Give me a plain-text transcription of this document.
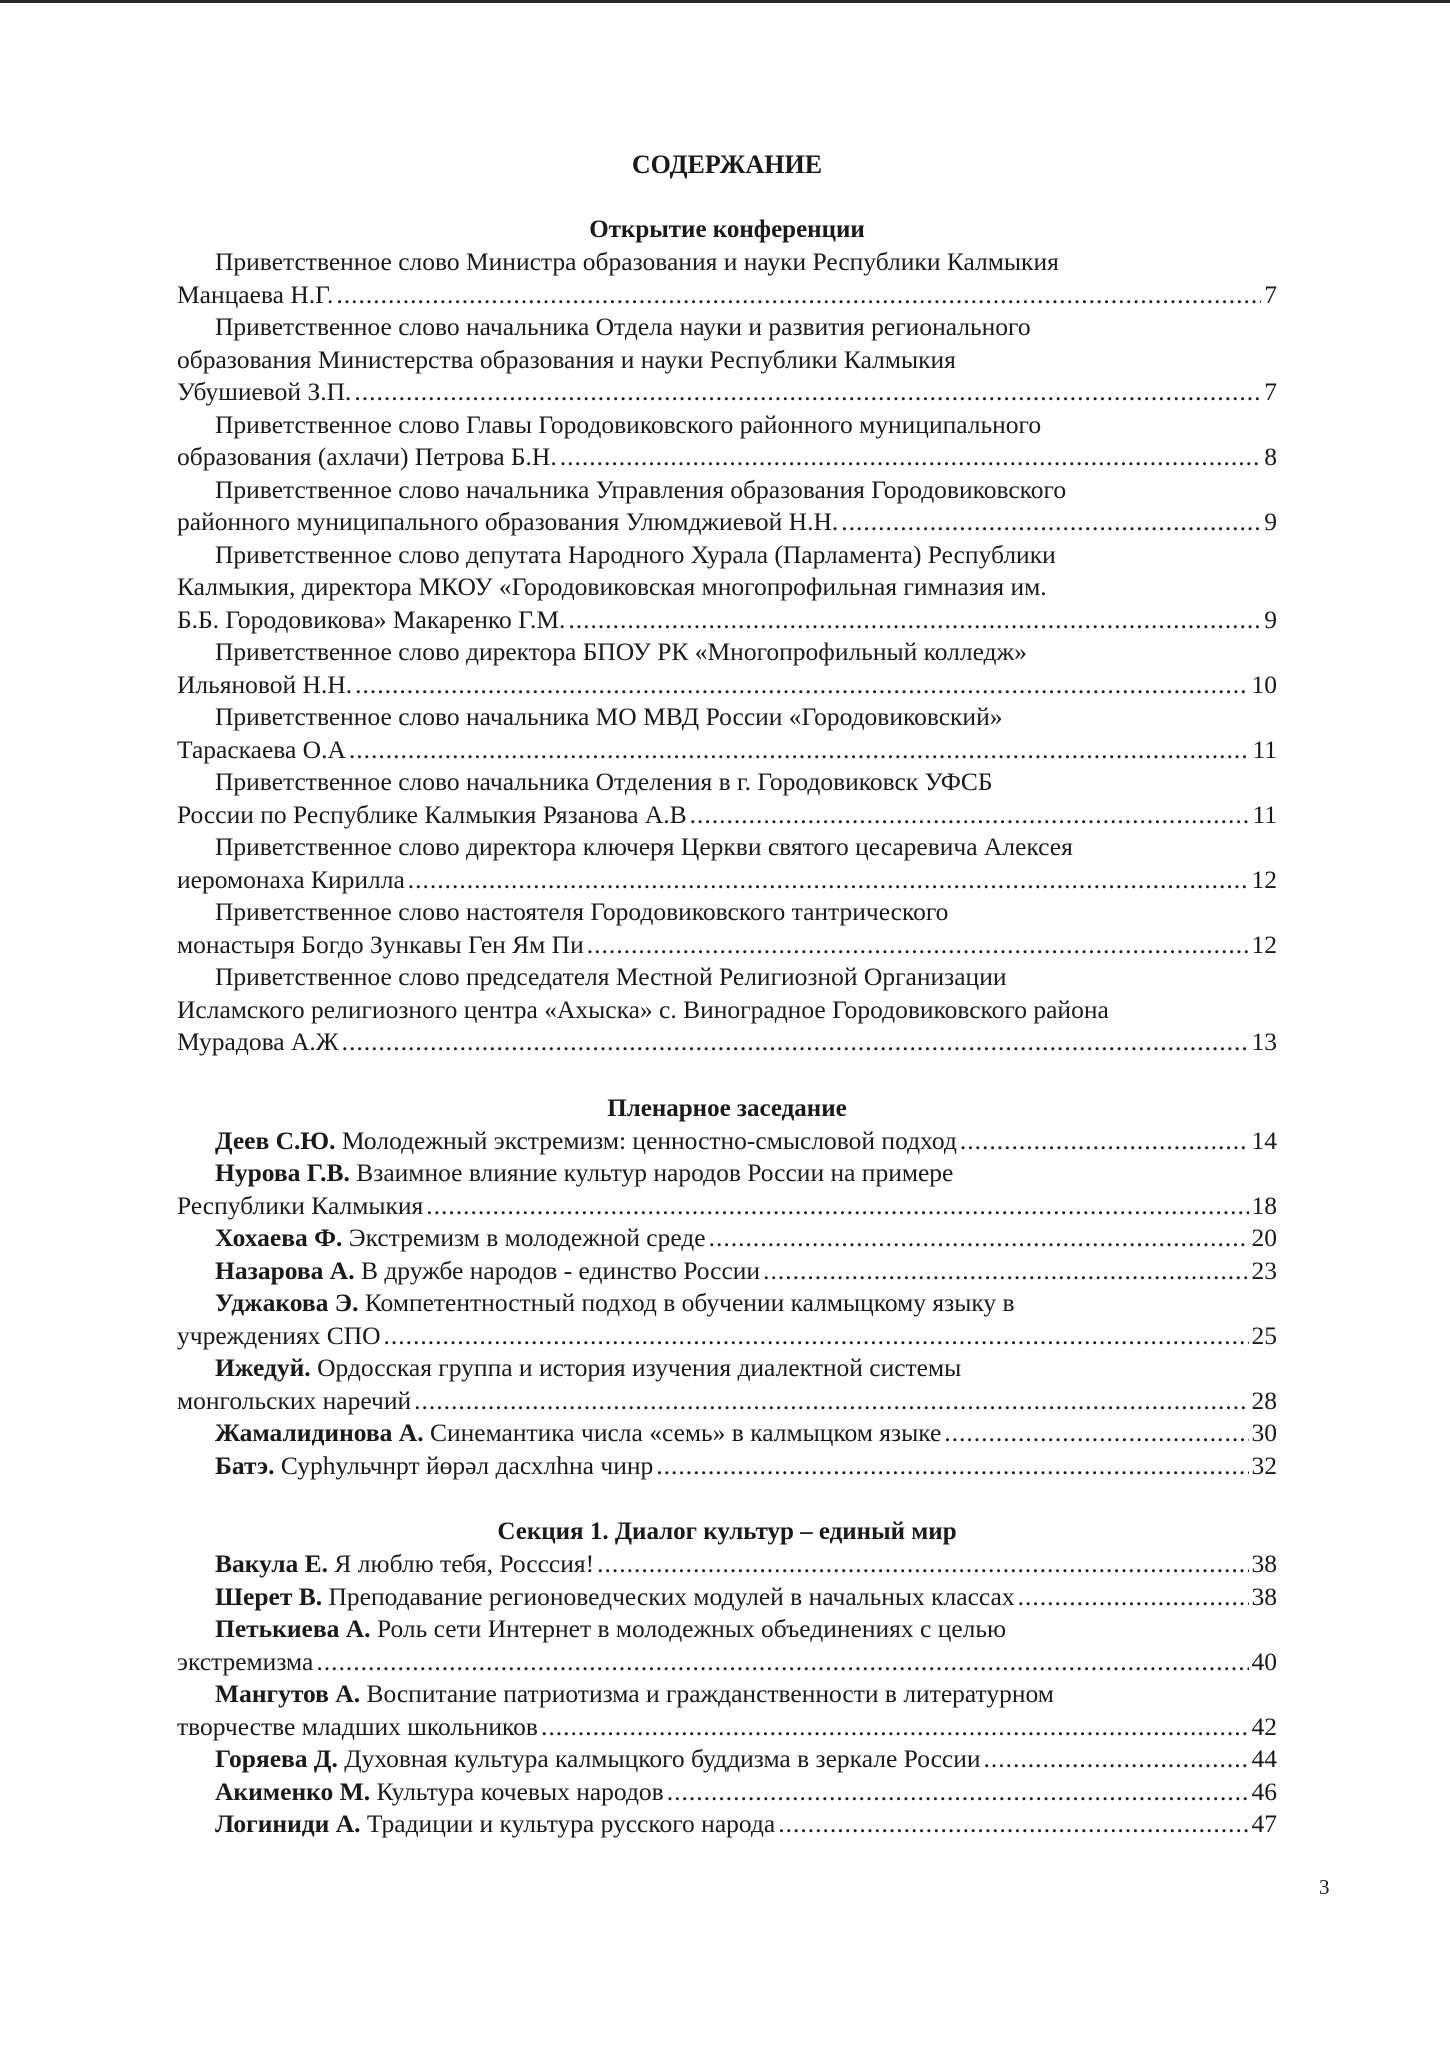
СОДЕРЖАНИЕ
Открытие конференции
Приветственное слово Министра образования и науки Республики Калмыкия
Манцаева Н.Г. .....	7
Приветственное слово начальника Отдела науки и развития регионального
образования Министерства образования и науки Республики Калмыкия
Убушиевой З.П. .....	7
Приветственное слово Главы Городовиковского районного муниципального
образования (ахлачи) Петрова Б.Н. .....	8
Приветственное слово начальника Управления образования Городовиковского
районного муниципального образования Улюмджиевой Н.Н. .....	9
Приветственное слово депутата Народного Хурала (Парламента) Республики
Калмыкия, директора МКОУ «Городовиковская многопрофильная гимназия им.
Б.Б. Городовикова» Макаренко Г.М. .....	9
Приветственное слово директора БПОУ РК «Многопрофильный колледж»
Ильяновой Н.Н. .....	10
Приветственное слово начальника МО МВД России «Городовиковский»
Тараскаева О.А .....	11
Приветственное слово начальника Отделения в г. Городовиковск УФСБ
России по Республике Калмыкия Рязанова А.В .....	11
Приветственное слово директора ключеря Церкви святого цесаревича Алексея
иеромонаха Кирилла .....	12
Приветственное слово настоятеля Городовиковского тантрического
монастыря Богдо Зункавы Ген Ям Пи .....	12
Приветственное слово председателя Местной Религиозной Организации
Исламского религиозного центра «Ахыска» с. Виноградное Городовиковского района
Мурадова А.Ж .....	13
Пленарное заседание
Деев С.Ю. Молодежный экстремизм: ценностно-смысловой подход .....	14
Нурова Г.В. Взаимное влияние культур народов России на примере
Республики Калмыкия .....	18
Хохаева Ф. Экстремизм в молодежной среде .....	20
Назарова А. В дружбе народов - единство России .....	23
Уджакова Э. Компетентностный подход в обучении калмыцкому языку в
учреждениях СПО .....	25
Ижедуй. Ордосская группа и история изучения диалектной системы
монгольских наречий .....	28
Жамалидинова А. Синемантика числа «семь» в калмыцком языке .....	30
Батэ. Сурһульчнрт йөрәл дасхлһна чинр .....	32
Секция 1. Диалог культур – единый мир
Вакула Е. Я люблю тебя, Росссия! .....	38
Шерет В. Преподавание регионоведческих модулей в начальных классах .....	38
Петькиева А. Роль сети Интернет в молодежных объединениях с целью
экстремизма .....	40
Мангутов А. Воспитание патриотизма и гражданственности в литературном
творчестве младших школьников .....	42
Горяева Д. Духовная культура калмыцкого буддизма в зеркале России .....	44
Акименко М. Культура кочевых народов .....	46
Логиниди А. Традиции и культура русского народа .....	47
3
